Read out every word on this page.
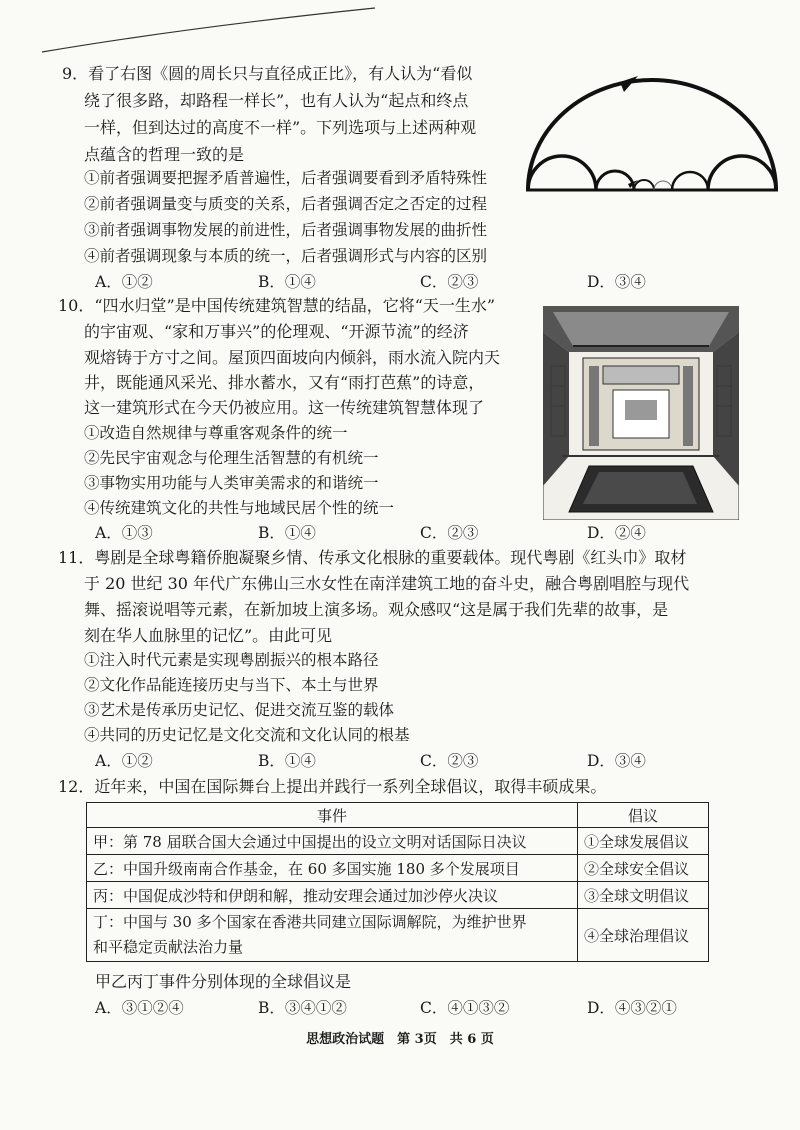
9．看了右图《圆的周长只与直径成正比》，有人认为“看似
绕了很多路，却路程一样长”，也有人认为“起点和终点
一样，但到达过的高度不一样”。下列选项与上述两种观
点蕴含的哲理一致的是
①前者强调要把握矛盾普遍性，后者强调要看到矛盾特殊性
②前者强调量变与质变的关系，后者强调否定之否定的过程
③前者强调事物发展的前进性，后者强调事物发展的曲折性
④前者强调现象与本质的统一，后者强调形式与内容的区别
A．①②	B．①④	C．②③	D．③④
10．“四水归堂”是中国传统建筑智慧的结晶，它将“天一生水”
的宇宙观、“家和万事兴”的伦理观、“开源节流”的经济
观熔铸于方寸之间。屋顶四面坡向内倾斜，雨水流入院内天
井，既能通风采光、排水蓄水，又有“雨打芭蕉”的诗意，
这一建筑形式在今天仍被应用。这一传统建筑智慧体现了
①改造自然规律与尊重客观条件的统一
②先民宇宙观念与伦理生活智慧的有机统一
③事物实用功能与人类审美需求的和谐统一
④传统建筑文化的共性与地域民居个性的统一
A．①③	B．①④	C．②③	D．②④
11．粤剧是全球粤籍侨胞凝聚乡情、传承文化根脉的重要载体。现代粤剧《红头巾》取材
于 20 世纪 30 年代广东佛山三水女性在南洋建筑工地的奋斗史，融合粤剧唱腔与现代
舞、摇滚说唱等元素，在新加坡上演多场。观众感叹“这是属于我们先辈的故事，是
刻在华人血脉里的记忆”。由此可见
①注入时代元素是实现粤剧振兴的根本路径
②文化作品能连接历史与当下、本土与世界
③艺术是传承历史记忆、促进交流互鉴的载体
④共同的历史记忆是文化交流和文化认同的根基
A．①②	B．①④	C．②③	D．③④
12．近年来，中国在国际舞台上提出并践行一系列全球倡议，取得丰硕成果。
事件	倡议
甲：第 78 届联合国大会通过中国提出的设立文明对话国际日决议	①全球发展倡议
乙：中国升级南南合作基金，在 60 多国实施 180 多个发展项目	②全球安全倡议
丙：中国促成沙特和伊朗和解，推动安理会通过加沙停火决议	③全球文明倡议

丁：中国与 30 多个国家在香港共同建立国际调解院，为维护世界
和平稳定贡献法治力量	④全球治理倡议
甲乙丙丁事件分别体现的全球倡议是
A．③①②④	B．③④①②	C．④①③②	D．④③②①
思想政治试题　第 3页　共 6 页
